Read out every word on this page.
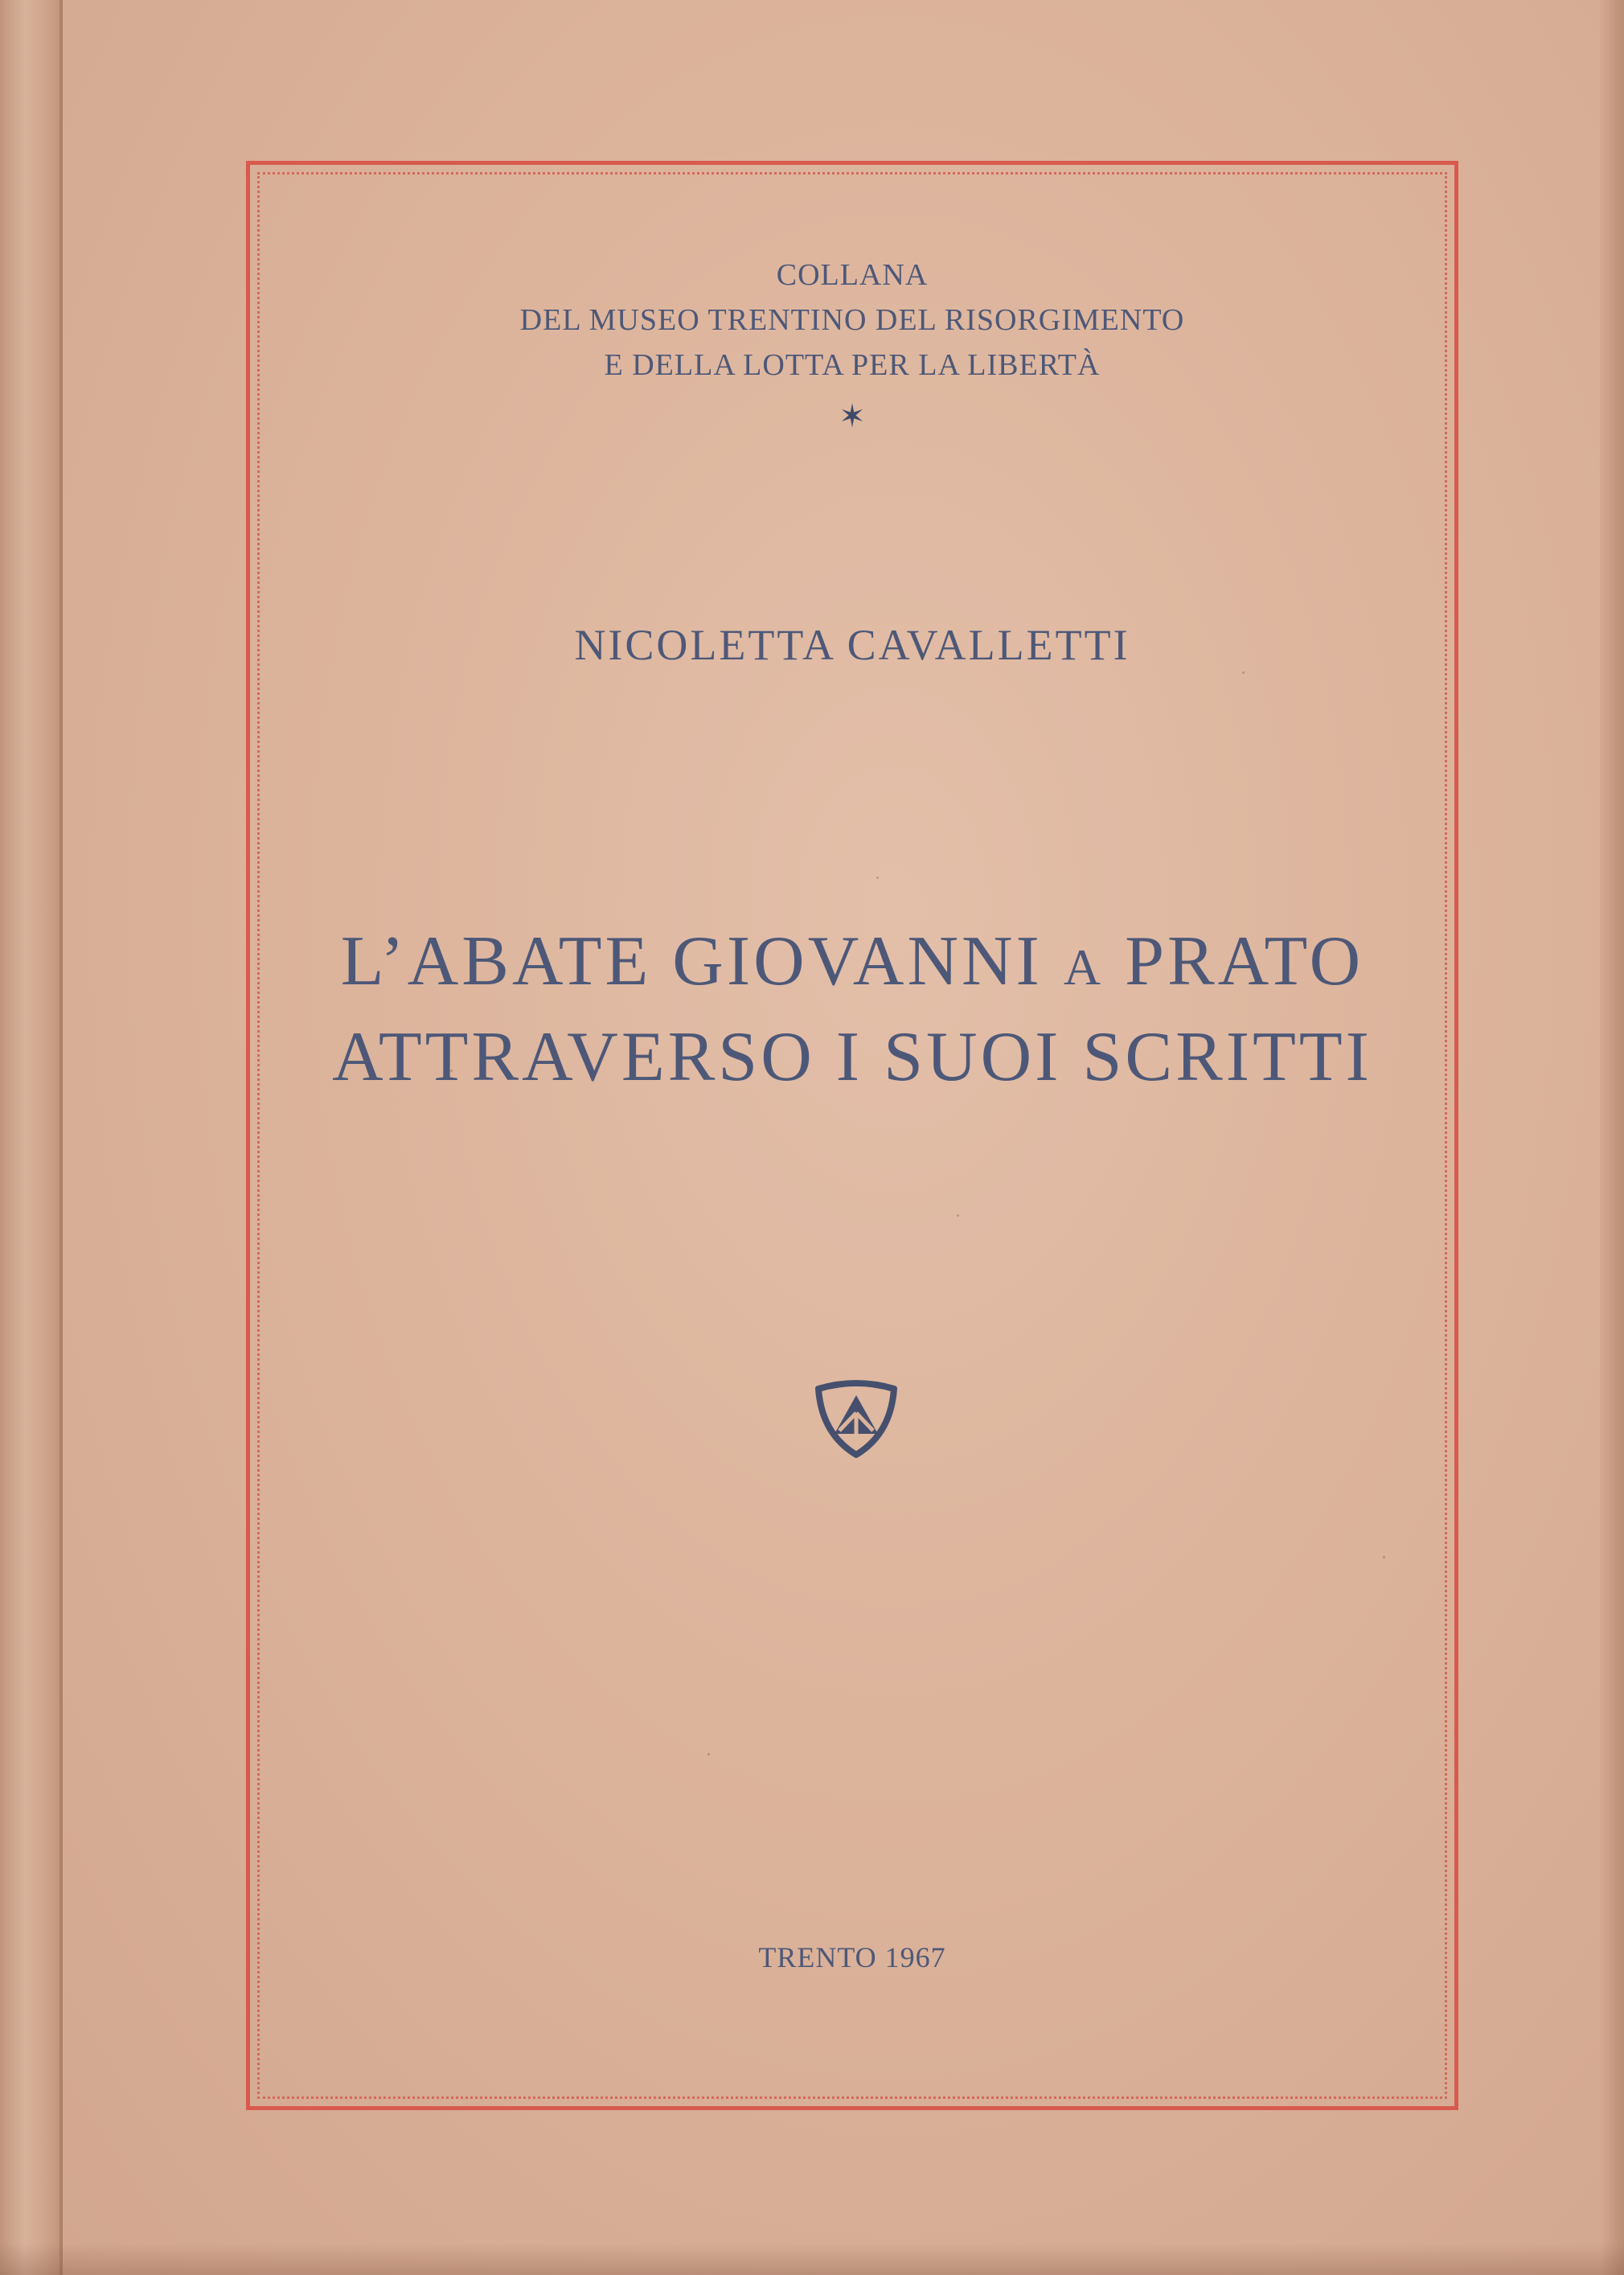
COLLANA
DEL MUSEO TRENTINO DEL RISORGIMENTO
E DELLA LOTTA PER LA LIBERTÀ
✶
NICOLETTA CAVALLETTI
L’ABATE GIOVANNI A PRATO
ATTRAVERSO I SUOI SCRITTI
TRENTO 1967
